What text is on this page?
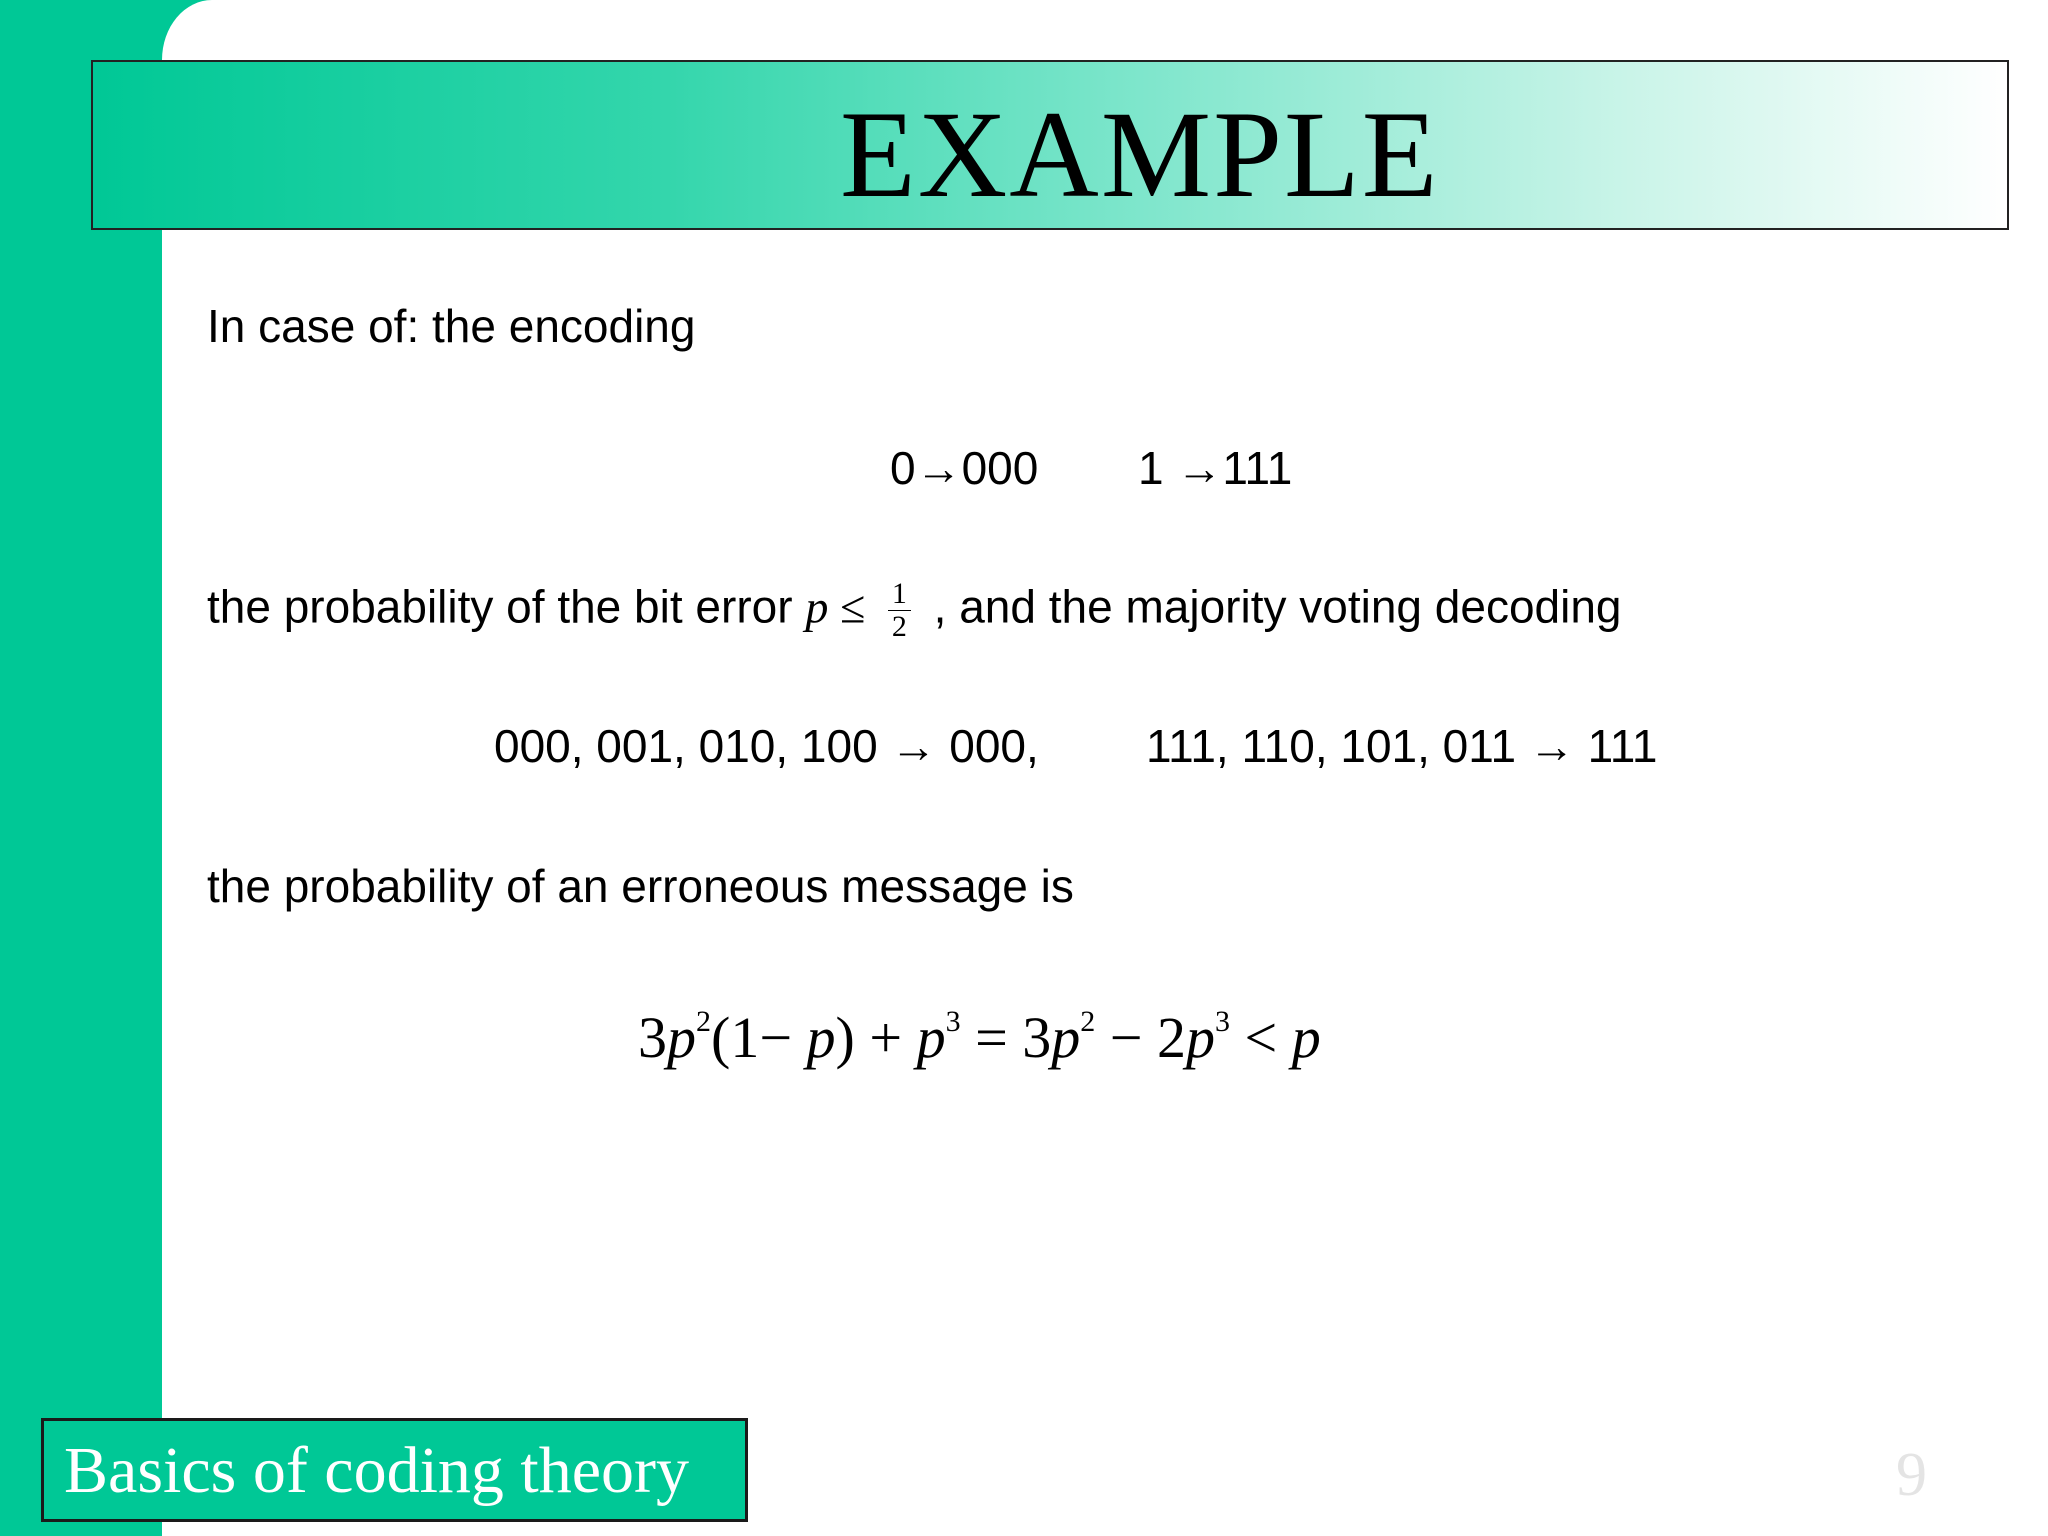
EXAMPLE
In case of: the encoding
0→000 1 →111
the probability of the bit error $p \le \frac{1}{2}$ , and the majority voting decoding
000, 001, 010, 100 → 000, 111, 110, 101, 011 → 111
the probability of an erroneous message is
$3p^2(1- p) + p^3 = 3p^2 - 2p^3 < p$
Basics of coding theory	9
